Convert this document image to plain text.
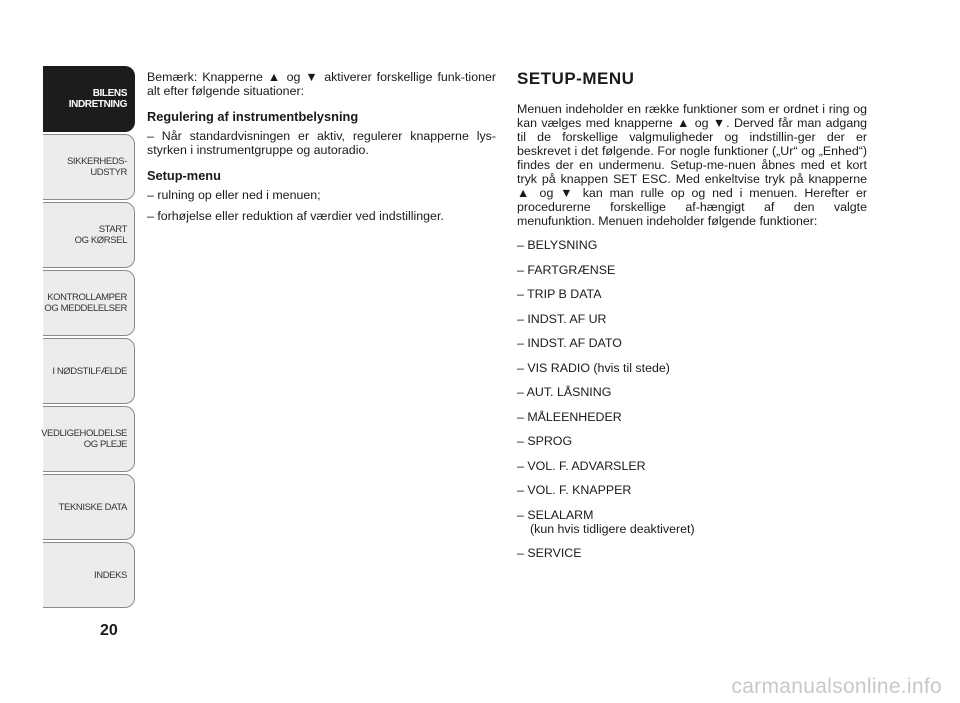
BILENS
INDRETNING
SIKKERHEDS-
UDSTYR
START
OG KØRSEL
KONTROLLAMPER
OG MEDDELELSER
I NØDSTILFÆLDE
VEDLIGEHOLDELSE
OG PLEJE
TEKNISKE DATA
INDEKS
20

Bemærk: Knapperne ▲ og ▼ aktiverer forskellige funk-tioner alt efter følgende situationer:

Regulering af instrumentbelysning

– Når standardvisningen er aktiv, regulerer knapperne lys-styrken i instrumentgruppe og autoradio.

Setup-menu

– rulning op eller ned i menuen;

– forhøjelse eller reduktion af værdier ved indstillinger.

SETUP-MENU

Menuen indeholder en række funktioner som er ordnet i ring og kan vælges med knapperne ▲ og ▼. Derved får man adgang til de forskellige valgmuligheder og indstillin-ger der er beskrevet i det følgende. For nogle funktioner („Ur“ og „Enhed“) findes der en undermenu. Setup-me-nuen åbnes med et kort tryk på knappen SET ESC. Med enkeltvise tryk på knapperne ▲ og ▼ kan man rulle op og ned i menuen. Herefter er procedurerne forskellige af-hængigt af den valgte menufunktion. Menuen indeholder følgende funktioner:

– BELYSNING
– FARTGRÆNSE
– TRIP B DATA
– INDST. AF UR
– INDST. AF DATO
– VIS RADIO (hvis til stede)
– AUT. LÅSNING
– MÅLEENHEDER
– SPROG
– VOL. F. ADVARSLER
– VOL. F. KNAPPER
– SELALARM
(kun hvis tidligere deaktiveret)
– SERVICE
carmanualsonline.info
